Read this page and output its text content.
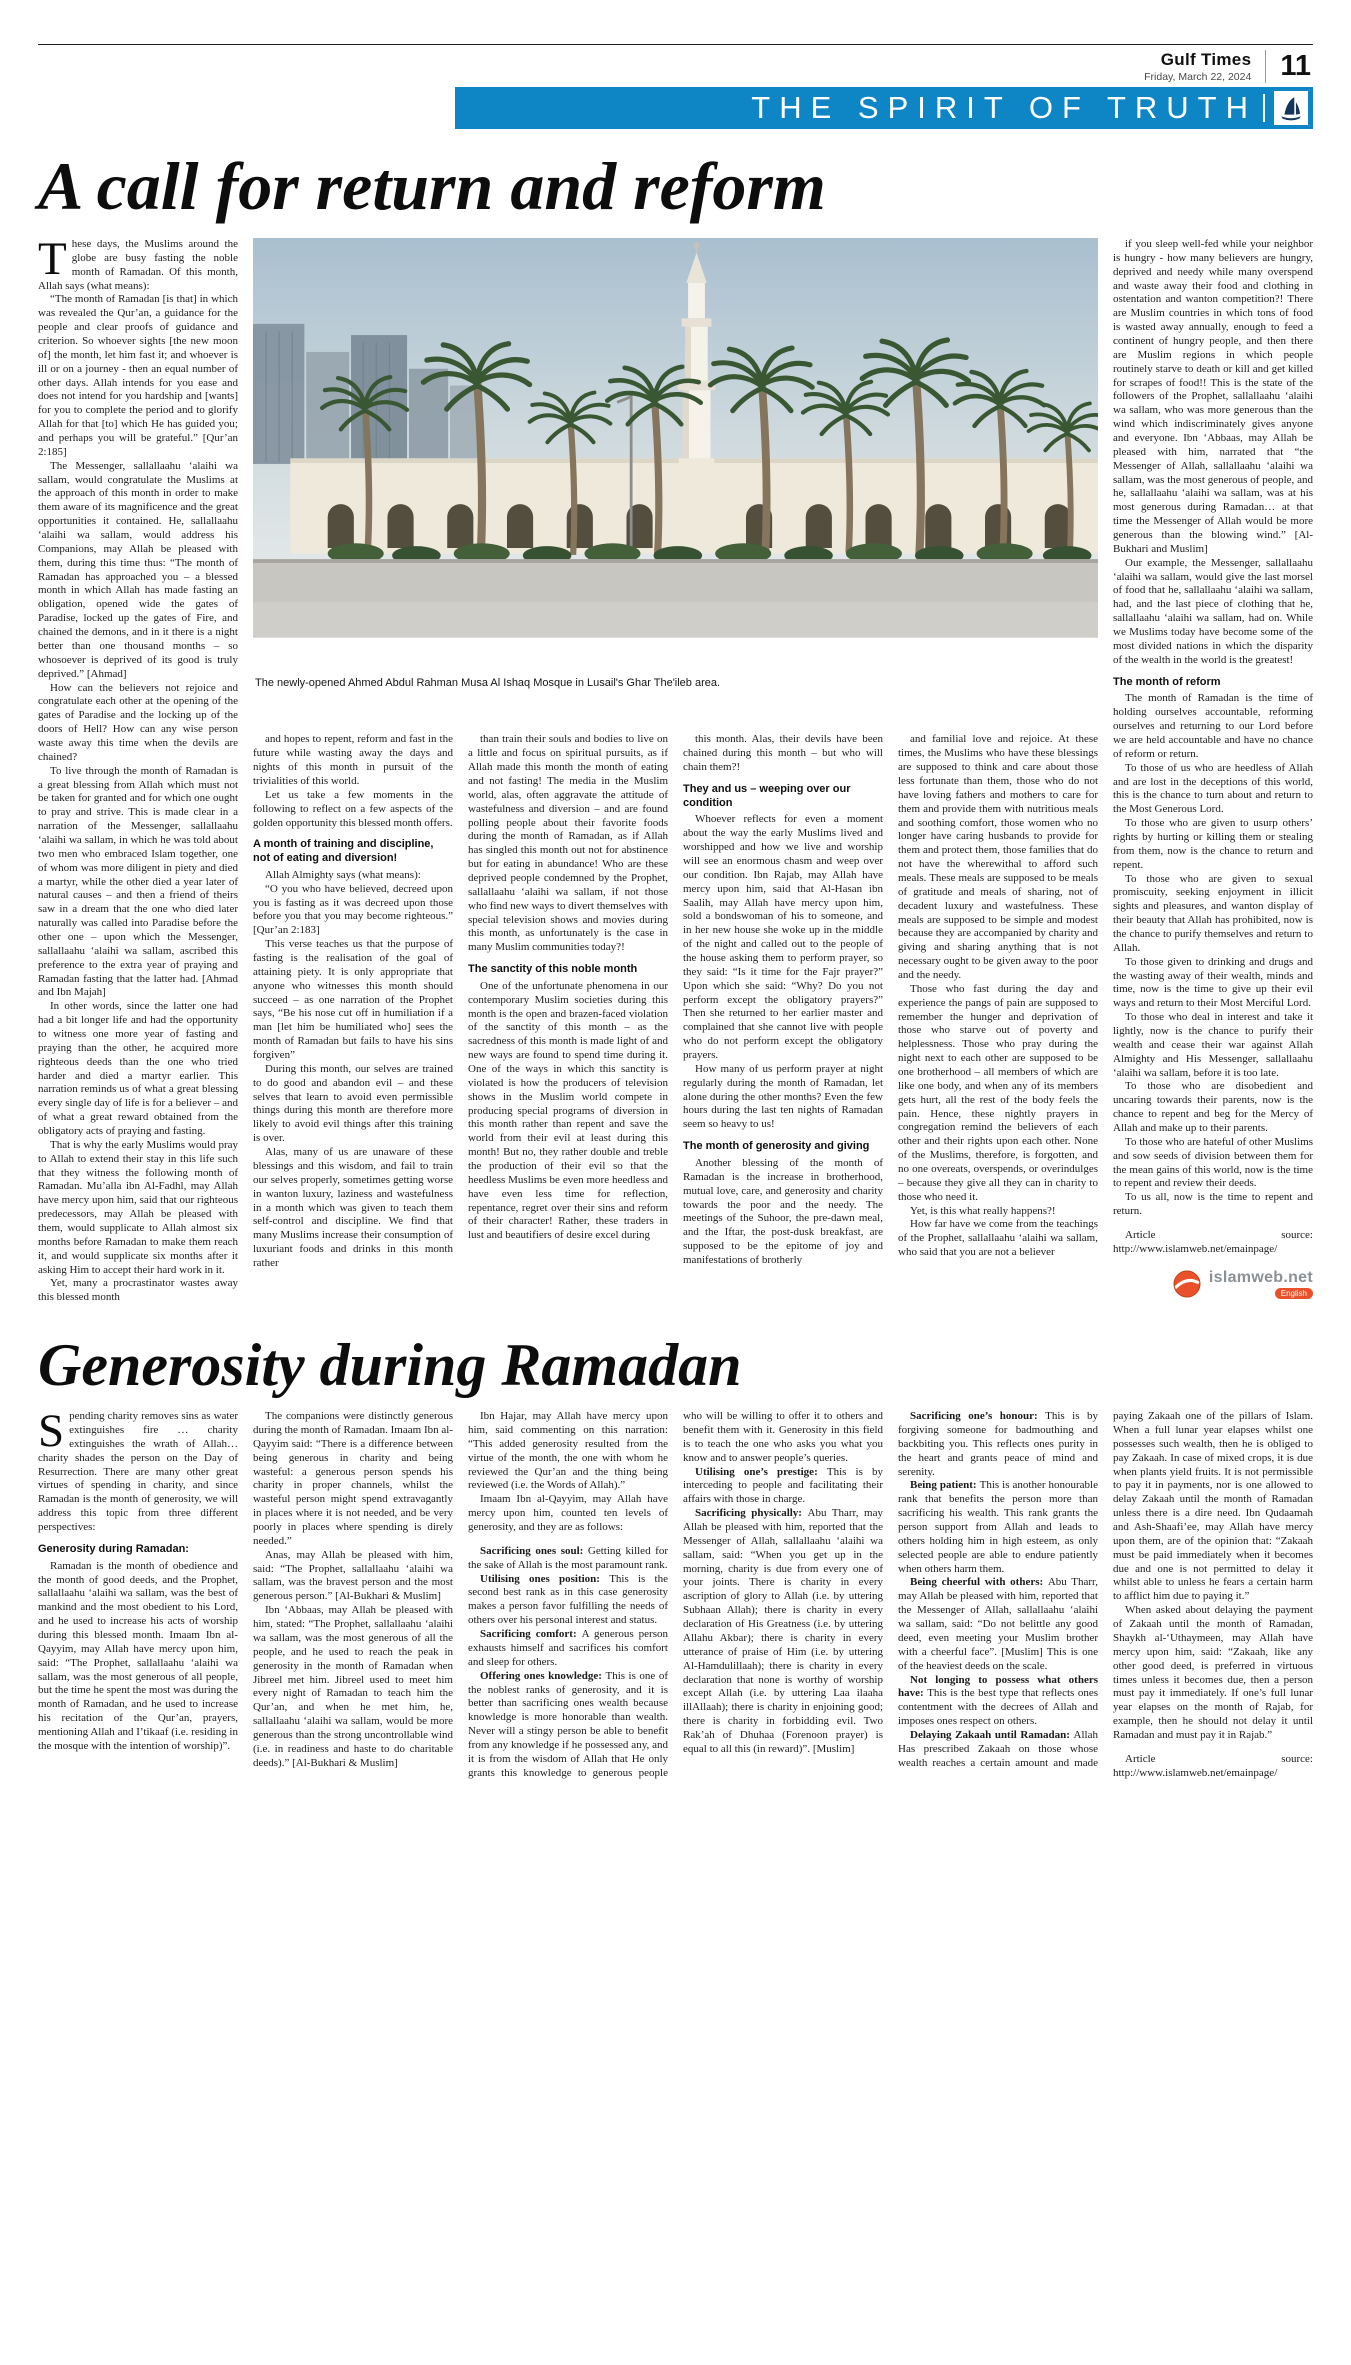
Gulf Times
Friday, March 22, 2024	11
THE SPIRIT OF TRUTH
A call for return and reform

These days, the Muslims around the globe are busy fasting the noble month of Ramadan. Of this month, Allah says (what means):

“The month of Ramadan [is that] in which was revealed the Qur’an, a guidance for the people and clear proofs of guidance and criterion. So whoever sights [the new moon of] the month, let him fast it; and whoever is ill or on a journey - then an equal number of other days. Allah intends for you ease and does not intend for you hardship and [wants] for you to complete the period and to glorify Allah for that [to] which He has guided you; and perhaps you will be grateful.” [Qur’an 2:185]

The Messenger, sallallaahu ‘alaihi wa sallam, would congratulate the Muslims at the approach of this month in order to make them aware of its magnificence and the great opportunities it contained. He, sallallaahu ‘alaihi wa sallam, would address his Companions, may Allah be pleased with them, during this time thus: “The month of Ramadan has approached you – a blessed month in which Allah has made fasting an obligation, opened wide the gates of Paradise, locked up the gates of Fire, and chained the demons, and in it there is a night better than one thousand months – so whosoever is deprived of its good is truly deprived.” [Ahmad]

How can the believers not rejoice and congratulate each other at the opening of the gates of Paradise and the locking up of the doors of Hell? How can any wise person waste away this time when the devils are chained?

To live through the month of Ramadan is a great blessing from Allah which must not be taken for granted and for which one ought to pray and strive. This is made clear in a narration of the Messenger, sallallaahu ‘alaihi wa sallam, in which he was told about two men who embraced Islam together, one of whom was more diligent in piety and died a martyr, while the other died a year later of natural causes – and then a friend of theirs saw in a dream that the one who died later naturally was called into Paradise before the other one – upon which the Messenger, sallallaahu ‘alaihi wa sallam, ascribed this preference to the extra year of praying and Ramadan fasting that the latter had. [Ahmad and Ibn Majah]

In other words, since the latter one had had a bit longer life and had the opportunity to witness one more year of fasting and praying than the other, he acquired more righteous deeds than the one who tried harder and died a martyr earlier. This narration reminds us of what a great blessing every single day of life is for a believer – and of what a great reward obtained from the obligatory acts of praying and fasting.

That is why the early Muslims would pray to Allah to extend their stay in this life such that they witness the following month of Ramadan. Mu’alla ibn Al-Fadhl, may Allah have mercy upon him, said that our righteous predecessors, may Allah be pleased with them, would supplicate to Allah almost six months before Ramadan to make them reach it, and would supplicate six months after it asking Him to accept their hard work in it.

Yet, many a procrastinator wastes away this blessed month

The newly-opened Ahmed Abdul Rahman Musa Al Ishaq Mosque in Lusail's Ghar The'ileb area.

and hopes to repent, reform and fast in the future while wasting away the days and nights of this month in pursuit of the trivialities of this world.

Let us take a few moments in the following to reflect on a few aspects of the golden opportunity this blessed month offers.

A month of training and discipline, not of eating and diversion!

Allah Almighty says (what means):

“O you who have believed, decreed upon you is fasting as it was decreed upon those before you that you may become righteous.” [Qur’an 2:183]

This verse teaches us that the purpose of fasting is the realisation of the goal of attaining piety. It is only appropriate that anyone who witnesses this month should succeed – as one narration of the Prophet says, “Be his nose cut off in humiliation if a man [let him be humiliated who] sees the month of Ramadan but fails to have his sins forgiven”

During this month, our selves are trained to do good and abandon evil – and these selves that learn to avoid even permissible things during this month are therefore more likely to avoid evil things after this training is over.

Alas, many of us are unaware of these blessings and this wisdom, and fail to train our selves properly, sometimes getting worse in wanton luxury, laziness and wastefulness in a month which was given to teach them self-control and discipline. We find that many Muslims increase their consumption of luxuriant foods and drinks in this month rather

than train their souls and bodies to live on a little and focus on spiritual pursuits, as if Allah made this month the month of eating and not fasting! The media in the Muslim world, alas, often aggravate the attitude of wastefulness and diversion – and are found polling people about their favorite foods during the month of Ramadan, as if Allah has singled this month out not for abstinence but for eating in abundance! Who are these deprived people condemned by the Prophet, sallallaahu ‘alaihi wa sallam, if not those who find new ways to divert themselves with special television shows and movies during this month, as unfortunately is the case in many Muslim communities today?!

The sanctity of this noble month

One of the unfortunate phenomena in our contemporary Muslim societies during this month is the open and brazen-faced violation of the sanctity of this month – as the sacredness of this month is made light of and new ways are found to spend time during it. One of the ways in which this sanctity is violated is how the producers of television shows in the Muslim world compete in producing special programs of diversion in this month rather than repent and save the world from their evil at least during this month! But no, they rather double and treble the production of their evil so that the heedless Muslims be even more heedless and have even less time for reflection, repentance, regret over their sins and reform of their character! Rather, these traders in lust and beautifiers of desire excel during

this month. Alas, their devils have been chained during this month – but who will chain them?!

They and us – weeping over our condition

Whoever reflects for even a moment about the way the early Muslims lived and worshipped and how we live and worship will see an enormous chasm and weep over our condition. Ibn Rajab, may Allah have mercy upon him, said that Al-Hasan ibn Saalih, may Allah have mercy upon him, sold a bondswoman of his to someone, and in her new house she woke up in the middle of the night and called out to the people of the house asking them to perform prayer, so they said: “Is it time for the Fajr prayer?” Upon which she said: “Why? Do you not perform except the obligatory prayers?” Then she returned to her earlier master and complained that she cannot live with people who do not perform except the obligatory prayers.

How many of us perform prayer at night regularly during the month of Ramadan, let alone during the other months? Even the few hours during the last ten nights of Ramadan seem so heavy to us!

The month of generosity and giving

Another blessing of the month of Ramadan is the increase in brotherhood, mutual love, care, and generosity and charity towards the poor and the needy. The meetings of the Suhoor, the pre-dawn meal, and the Iftar, the post-dusk breakfast, are supposed to be the epitome of joy and manifestations of brotherly

and familial love and rejoice. At these times, the Muslims who have these blessings are supposed to think and care about those less fortunate than them, those who do not have loving fathers and mothers to care for them and provide them with nutritious meals and soothing comfort, those women who no longer have caring husbands to provide for them and protect them, those families that do not have the wherewithal to afford such meals. These meals are supposed to be meals of gratitude and meals of sharing, not of decadent luxury and wastefulness. These meals are supposed to be simple and modest because they are accompanied by charity and giving and sharing anything that is not necessary ought to be given away to the poor and the needy.

Those who fast during the day and experience the pangs of pain are supposed to remember the hunger and deprivation of those who starve out of poverty and helplessness. Those who pray during the night next to each other are supposed to be one brotherhood – all members of which are like one body, and when any of its members gets hurt, all the rest of the body feels the pain. Hence, these nightly prayers in congregation remind the believers of each other and their rights upon each other. None of the Muslims, therefore, is forgotten, and no one overeats, overspends, or overindulges – because they give all they can in charity to those who need it.

Yet, is this what really happens?!

How far have we come from the teachings of the Prophet, sallallaahu ‘alaihi wa sallam, who said that you are not a believer

if you sleep well-fed while your neighbor is hungry - how many believers are hungry, deprived and needy while many overspend and waste away their food and clothing in ostentation and wanton competition?! There are Muslim countries in which tons of food is wasted away annually, enough to feed a continent of hungry people, and then there are Muslim regions in which people routinely starve to death or kill and get killed for scrapes of food!! This is the state of the followers of the Prophet, sallallaahu ‘alaihi wa sallam, who was more generous than the wind which indiscriminately gives anyone and everyone. Ibn ‘Abbaas, may Allah be pleased with him, narrated that “the Messenger of Allah, sallallaahu ‘alaihi wa sallam, was the most generous of people, and he, sallallaahu ‘alaihi wa sallam, was at his most generous during Ramadan… at that time the Messenger of Allah would be more generous than the blowing wind.” [Al-Bukhari and Muslim]

Our example, the Messenger, sallallaahu ‘alaihi wa sallam, would give the last morsel of food that he, sallallaahu ‘alaihi wa sallam, had, and the last piece of clothing that he, sallallaahu ‘alaihi wa sallam, had on. While we Muslims today have become some of the most divided nations in which the disparity of the wealth in the world is the greatest!

The month of reform

The month of Ramadan is the time of holding ourselves accountable, reforming ourselves and returning to our Lord before we are held accountable and have no chance of reform or return.

To those of us who are heedless of Allah and are lost in the deceptions of this world, this is the chance to turn about and return to the Most Generous Lord.

To those who are given to usurp others’ rights by hurting or killing them or stealing from them, now is the chance to return and repent.

To those who are given to sexual promiscuity, seeking enjoyment in illicit sights and pleasures, and wanton display of their beauty that Allah has prohibited, now is the chance to purify themselves and return to Allah.

To those given to drinking and drugs and the wasting away of their wealth, minds and time, now is the time to give up their evil ways and return to their Most Merciful Lord.

To those who deal in interest and take it lightly, now is the chance to purify their wealth and cease their war against Allah Almighty and His Messenger, sallallaahu ‘alaihi wa sallam, before it is too late.

To those who are disobedient and uncaring towards their parents, now is the chance to repent and beg for the Mercy of Allah and make up to their parents.

To those who are hateful of other Muslims and sow seeds of division between them for the mean gains of this world, now is the time to repent and review their deeds.

To us all, now is the time to repent and return.

Article source: http://www.islamweb.net/emainpage/

islamweb.net
English
Generosity during Ramadan

Spending charity removes sins as water extinguishes fire … charity extinguishes the wrath of Allah… charity shades the person on the Day of Resurrection. There are many other great virtues of spending in charity, and since Ramadan is the month of generosity, we will address this topic from three different perspectives:

Generosity during Ramadan:

Ramadan is the month of obedience and the month of good deeds, and the Prophet, sallallaahu ‘alaihi wa sallam, was the best of mankind and the most obedient to his Lord, and he used to increase his acts of worship during this blessed month. Imaam Ibn al-Qayyim, may Allah have mercy upon him, said: “The Prophet, sallallaahu ‘alaihi wa sallam, was the most generous of all people, but the time he spent the most was during the month of Ramadan, and he used to increase his recitation of the Qur’an, prayers, mentioning Allah and I’tikaaf (i.e. residing in the mosque with the intention of worship)”.

The companions were distinctly generous during the month of Ramadan. Imaam Ibn al-Qayyim said: “There is a difference between being generous in charity and being wasteful: a generous person spends his charity in proper channels, whilst the wasteful person might spend extravagantly in places where it is not needed, and be very poorly in places where spending is direly needed.”

Anas, may Allah be pleased with him, said: “The Prophet, sallallaahu ‘alaihi wa sallam, was the bravest person and the most generous person.” [Al-Bukhari & Muslim]

Ibn ‘Abbaas, may Allah be pleased with him, stated: “The Prophet, sallallaahu ‘alaihi wa sallam, was the most generous of all the people, and he used to reach the peak in generosity in the month of Ramadan when Jibreel met him. Jibreel used to meet him every night of Ramadan to teach him the Qur’an, and when he met him, he, sallallaahu ‘alaihi wa sallam, would be more generous than the strong uncontrollable wind (i.e. in readiness and haste to do charitable deeds).” [Al-Bukhari & Muslim]

Ibn Hajar, may Allah have mercy upon him, said commenting on this narration: “This added generosity resulted from the virtue of the month, the one with whom he reviewed the Qur’an and the thing being reviewed (i.e. the Words of Allah).”

Imaam Ibn al-Qayyim, may Allah have mercy upon him, counted ten levels of generosity, and they are as follows:

Sacrificing ones soul: Getting killed for the sake of Allah is the most paramount rank.

Utilising ones position: This is the second best rank as in this case generosity makes a person favor fulfilling the needs of others over his personal interest and status.

Sacrificing comfort: A generous person exhausts himself and sacrifices his comfort and sleep for others.

Offering ones knowledge: This is one of the noblest ranks of generosity, and it is better than sacrificing ones wealth because knowledge is more honorable than wealth. Never will a stingy person be able to benefit from any knowledge if he possessed any, and it is from the wisdom of Allah that He only grants this knowledge to generous people who will be willing to offer it to others and benefit them with it. Generosity in this field is to teach the one who asks you what you know and to answer people’s queries.

Utilising one’s prestige: This is by interceding to people and facilitating their affairs with those in charge.

Sacrificing physically: Abu Tharr, may Allah be pleased with him, reported that the Messenger of Allah, sallallaahu ‘alaihi wa sallam, said: “When you get up in the morning, charity is due from every one of your joints. There is charity in every ascription of glory to Allah (i.e. by uttering Subhaan Allah); there is charity in every declaration of His Greatness (i.e. by uttering Allahu Akbar); there is charity in every utterance of praise of Him (i.e. by uttering Al-Hamdulillaah); there is charity in every declaration that none is worthy of worship except Allah (i.e. by uttering Laa ilaaha illAllaah); there is charity in enjoining good; there is charity in forbidding evil. Two Rak’ah of Dhuhaa (Forenoon prayer) is equal to all this (in reward)”. [Muslim]

Sacrificing one’s honour: This is by forgiving someone for badmouthing and backbiting you. This reflects ones purity in the heart and grants peace of mind and serenity.

Being patient: This is another honourable rank that benefits the person more than sacrificing his wealth. This rank grants the person support from Allah and leads to others holding him in high esteem, as only selected people are able to endure patiently when others harm them.

Being cheerful with others: Abu Tharr, may Allah be pleased with him, reported that the Messenger of Allah, sallallaahu ‘alaihi wa sallam, said: “Do not belittle any good deed, even meeting your Muslim brother with a cheerful face”. [Muslim] This is one of the heaviest deeds on the scale.

Not longing to possess what others have: This is the best type that reflects ones contentment with the decrees of Allah and imposes ones respect on others.

Delaying Zakaah until Ramadan: Allah Has prescribed Zakaah on those whose wealth reaches a certain amount and made paying Zakaah one of the pillars of Islam. When a full lunar year elapses whilst one possesses such wealth, then he is obliged to pay Zakaah. In case of mixed crops, it is due when plants yield fruits. It is not permissible to pay it in payments, nor is one allowed to delay Zakaah until the month of Ramadan unless there is a dire need. Ibn Qudaamah and Ash-Shaafi’ee, may Allah have mercy upon them, are of the opinion that: “Zakaah must be paid immediately when it becomes due and one is not permitted to delay it whilst able to unless he fears a certain harm to afflict him due to paying it.”

When asked about delaying the payment of Zakaah until the month of Ramadan, Shaykh al-‘Uthaymeen, may Allah have mercy upon him, said: “Zakaah, like any other good deed, is preferred in virtuous times unless it becomes due, then a person must pay it immediately. If one’s full lunar year elapses on the month of Rajab, for example, then he should not delay it until Ramadan and must pay it in Rajab.”

Article source: http://www.islamweb.net/emainpage/
